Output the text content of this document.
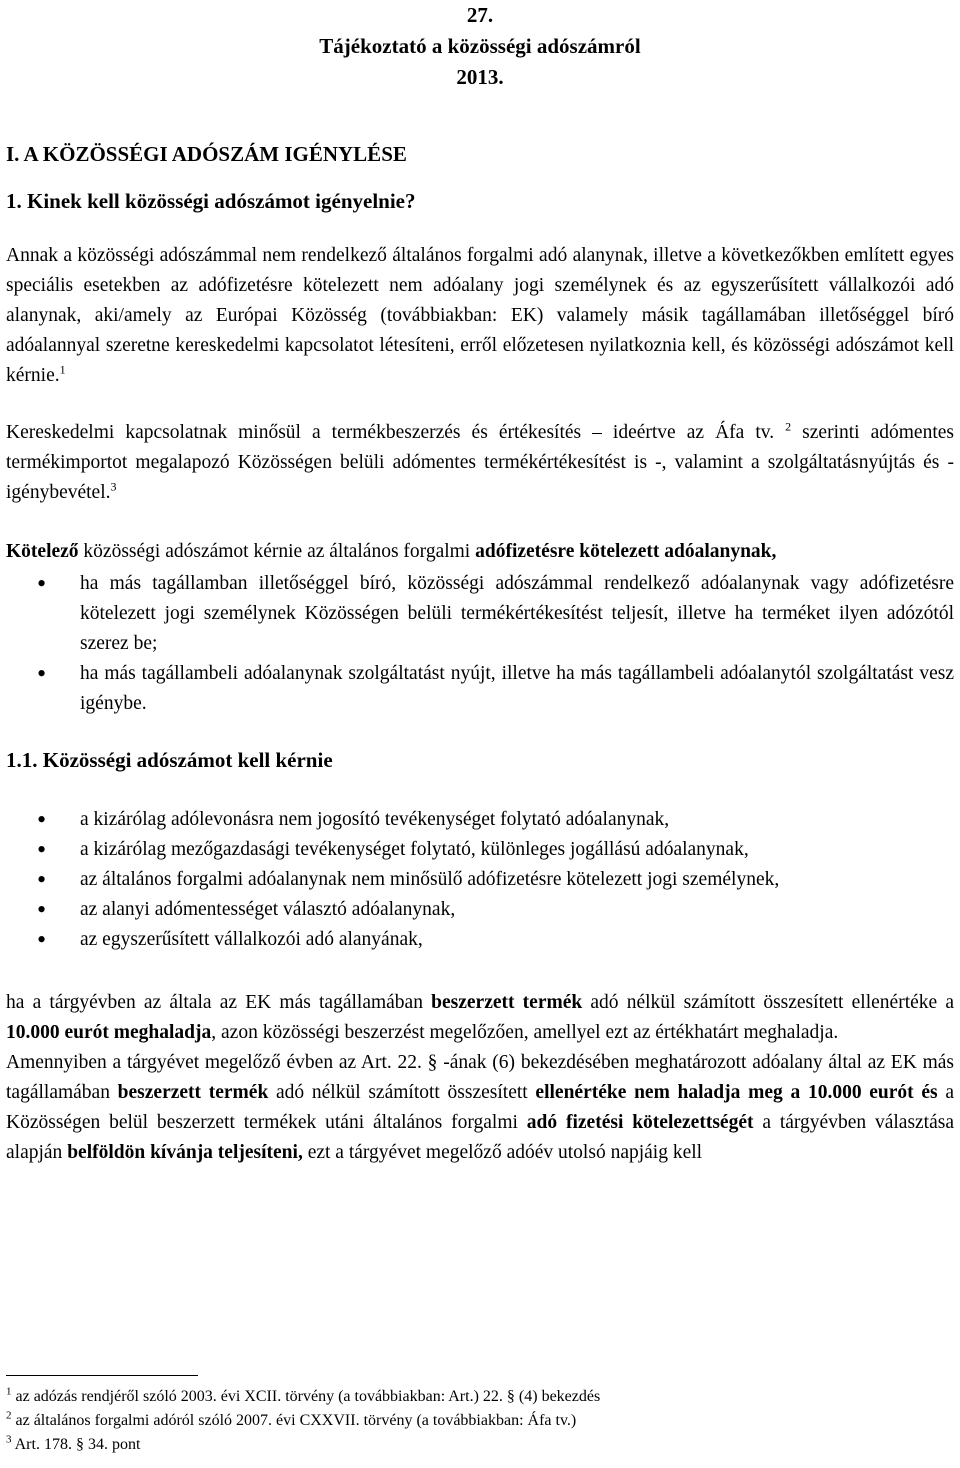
27.
Tájékoztató a közösségi adószámról
2013.
I. A KÖZÖSSÉGI ADÓSZÁM IGÉNYLÉSE
1. Kinek kell közösségi adószámot igényelnie?

Annak a közösségi adószámmal nem rendelkező általános forgalmi adó alanynak, illetve a következőkben említett egyes speciális esetekben az adófizetésre kötelezett nem adóalany jogi személynek és az egyszerűsített vállalkozói adó alanynak, aki/amely az Európai Közösség (továbbiakban: EK) valamely másik tagállamában illetőséggel bíró adóalannyal szeretne kereskedelmi kapcsolatot létesíteni, erről előzetesen nyilatkoznia kell, és közösségi adószámot kell kérnie.$^1$

Kereskedelmi kapcsolatnak minősül a termékbeszerzés és értékesítés – ideértve az Áfa tv. $^2$ szerinti adómentes termékimportot megalapozó Közösségen belüli adómentes termékértékesítést is -, valamint a szolgáltatásnyújtás és -igénybevétel.$^3$

Kötelező közösségi adószámot kérnie az általános forgalmi adófizetésre kötelezett adóalanynak,

• ha más tagállamban illetőséggel bíró, közösségi adószámmal rendelkező adóalanynak vagy adófizetésre kötelezett jogi személynek Közösségen belüli termékértékesítést teljesít, illetve ha terméket ilyen adózótól szerez be;
• ha más tagállambeli adóalanynak szolgáltatást nyújt, illetve ha más tagállambeli adóalanytól szolgáltatást vesz igénybe.
1.1. Közösségi adószámot kell kérnie
• a kizárólag adólevonásra nem jogosító tevékenységet folytató adóalanynak,
• a kizárólag mezőgazdasági tevékenységet folytató, különleges jogállású adóalanynak,
• az általános forgalmi adóalanynak nem minősülő adófizetésre kötelezett jogi személynek,
• az alanyi adómentességet választó adóalanynak,
• az egyszerűsített vállalkozói adó alanyának,

ha a tárgyévben az általa az EK más tagállamában beszerzett termék adó nélkül számított összesített ellenértéke a 10.000 eurót meghaladja, azon közösségi beszerzést megelőzően, amellyel ezt az értékhatárt meghaladja.

Amennyiben a tárgyévet megelőző évben az Art. 22. § -ának (6) bekezdésében meghatározott adóalany által az EK más tagállamában beszerzett termék adó nélkül számított összesített ellenértéke nem haladja meg a 10.000 eurót és a Közösségen belül beszerzett termékek utáni általános forgalmi adó fizetési kötelezettségét a tárgyévben választása alapján belföldön kívánja teljesíteni, ezt a tárgyévet megelőző adóév utolsó napjáig kell

$^1$ az adózás rendjéről szóló 2003. évi XCII. törvény (a továbbiakban: Art.) 22. § (4) bekezdés
$^2$ az általános forgalmi adóról szóló 2007. évi CXXVII. törvény (a továbbiakban: Áfa tv.)
$^3$ Art. 178. § 34. pont
